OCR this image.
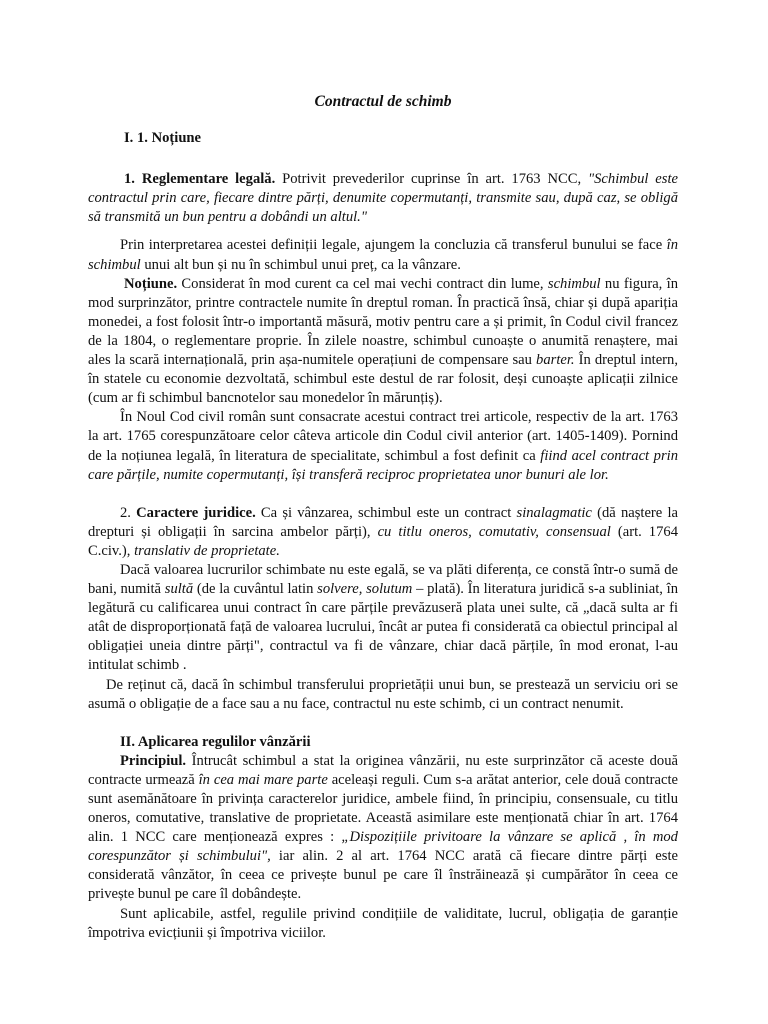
Contractul de schimb

I. 1. Noțiune

1. Reglementare legală. Potrivit prevederilor cuprinse în art. 1763 NCC, "Schimbul este contractul prin care, fiecare dintre părți, denumite copermutanți, transmite sau, după caz, se obligă să transmită un bun pentru a dobândi un altul."

Prin interpretarea acestei definiții legale, ajungem la concluzia că transferul bunului se face în schimbul unui alt bun și nu în schimbul unui preț, ca la vânzare.

Noțiune. Considerat în mod curent ca cel mai vechi contract din lume, schimbul nu figura, în mod surprinzător, printre contractele numite în dreptul roman. În practică însă, chiar și după apariția monedei, a fost folosit într-o importantă măsură, motiv pentru care a și primit, în Codul civil francez de la 1804, o reglementare proprie. În zilele noastre, schimbul cunoaște o anumită renaștere, mai ales la scară internațională, prin așa-numitele operațiuni de compensare sau barter. În dreptul intern, în statele cu economie dezvoltată, schimbul este destul de rar folosit, deși cunoaște aplicații zilnice (cum ar fi schimbul bancnotelor sau monedelor în mărunțiș).

În Noul Cod civil român sunt consacrate acestui contract trei articole, respectiv de la art. 1763 la art. 1765 corespunzătoare celor câteva articole din Codul civil anterior (art. 1405-1409). Pornind de la noțiunea legală, în literatura de specialitate, schimbul a fost definit ca fiind acel contract prin care părțile, numite copermutanți, își transferă reciproc proprietatea unor bunuri ale lor.

2. Caractere juridice. Ca și vânzarea, schimbul este un contract sinalagmatic (dă naștere la drepturi și obligații în sarcina ambelor părți), cu titlu oneros, comutativ, consensual (art. 1764 C.civ.), translativ de proprietate.

Dacă valoarea lucrurilor schimbate nu este egală, se va plăti diferența, ce constă într-o sumă de bani, numită sultă (de la cuvântul latin solvere, solutum – plată). În literatura juridică s-a subliniat, în legătură cu calificarea unui contract în care părțile prevăzuseră plata unei sulte, că „dacă sulta ar fi atât de disproporționată față de valoarea lucrului, încât ar putea fi considerată ca obiectul principal al obligației uneia dintre părți", contractul va fi de vânzare, chiar dacă părțile, în mod eronat, l-au intitulat schimb .

De reținut că, dacă în schimbul transferului proprietății unui bun, se prestează un serviciu ori se asumă o obligație de a face sau a nu face, contractul nu este schimb, ci un contract nenumit.

II. Aplicarea regulilor vânzării

Principiul. Întrucât schimbul a stat la originea vânzării, nu este surprinzător că aceste două contracte urmează în cea mai mare parte aceleași reguli. Cum s-a arătat anterior, cele două contracte sunt asemănătoare în privința caracterelor juridice, ambele fiind, în principiu, consensuale, cu titlu oneros, comutative, translative de proprietate. Această asimilare este menționată chiar în art. 1764 alin. 1 NCC care menționează expres : „Dispozițiile privitoare la vânzare se aplică , în mod corespunzător și schimbului", iar alin. 2 al art. 1764 NCC arată că fiecare dintre părți este considerată vânzător, în ceea ce privește bunul pe care îl înstrăinează și cumpărător în ceea ce privește bunul pe care îl dobândește.

Sunt aplicabile, astfel, regulile privind condițiile de validitate, lucrul, obligația de garanție împotriva evicțiunii și împotriva viciilor.
